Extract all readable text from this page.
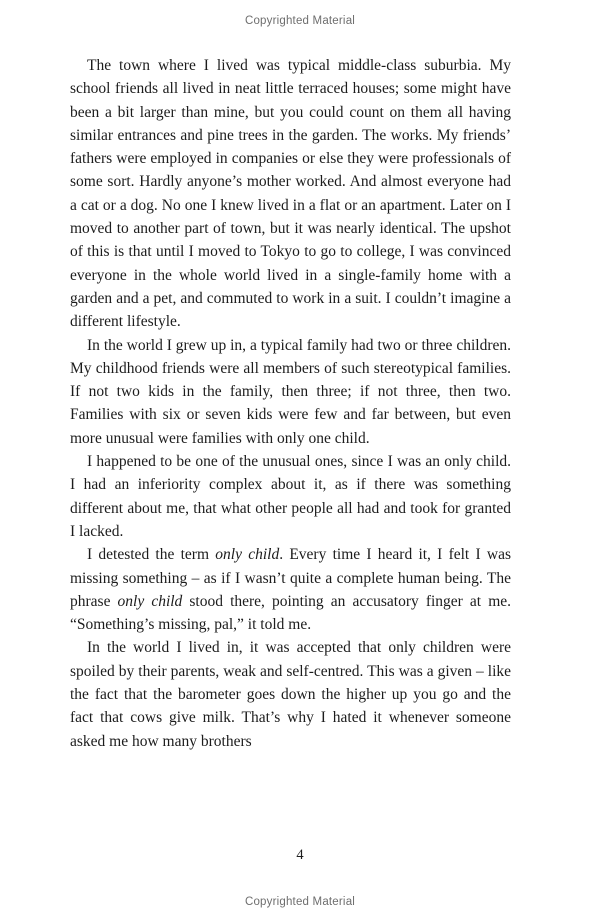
Copyrighted Material

The town where I lived was typical middle-class suburbia. My school friends all lived in neat little terraced houses; some might have been a bit larger than mine, but you could count on them all having similar entrances and pine trees in the garden. The works. My friends’ fathers were employed in companies or else they were professionals of some sort. Hardly anyone’s mother worked. And almost everyone had a cat or a dog. No one I knew lived in a flat or an apartment. Later on I moved to another part of town, but it was nearly identical. The upshot of this is that until I moved to Tokyo to go to college, I was convinced everyone in the whole world lived in a single-family home with a garden and a pet, and commuted to work in a suit. I couldn’t imagine a different lifestyle.

In the world I grew up in, a typical family had two or three children. My childhood friends were all members of such stereotypical families. If not two kids in the family, then three; if not three, then two. Families with six or seven kids were few and far between, but even more unusual were families with only one child.

I happened to be one of the unusual ones, since I was an only child. I had an inferiority complex about it, as if there was something different about me, that what other people all had and took for granted I lacked.

I detested the term only child. Every time I heard it, I felt I was missing something – as if I wasn’t quite a complete human being. The phrase only child stood there, pointing an accusatory finger at me. “Something’s missing, pal,” it told me.

In the world I lived in, it was accepted that only children were spoiled by their parents, weak and self-centred. This was a given – like the fact that the barometer goes down the higher up you go and the fact that cows give milk. That’s why I hated it whenever someone asked me how many brothers

4
Copyrighted Material
